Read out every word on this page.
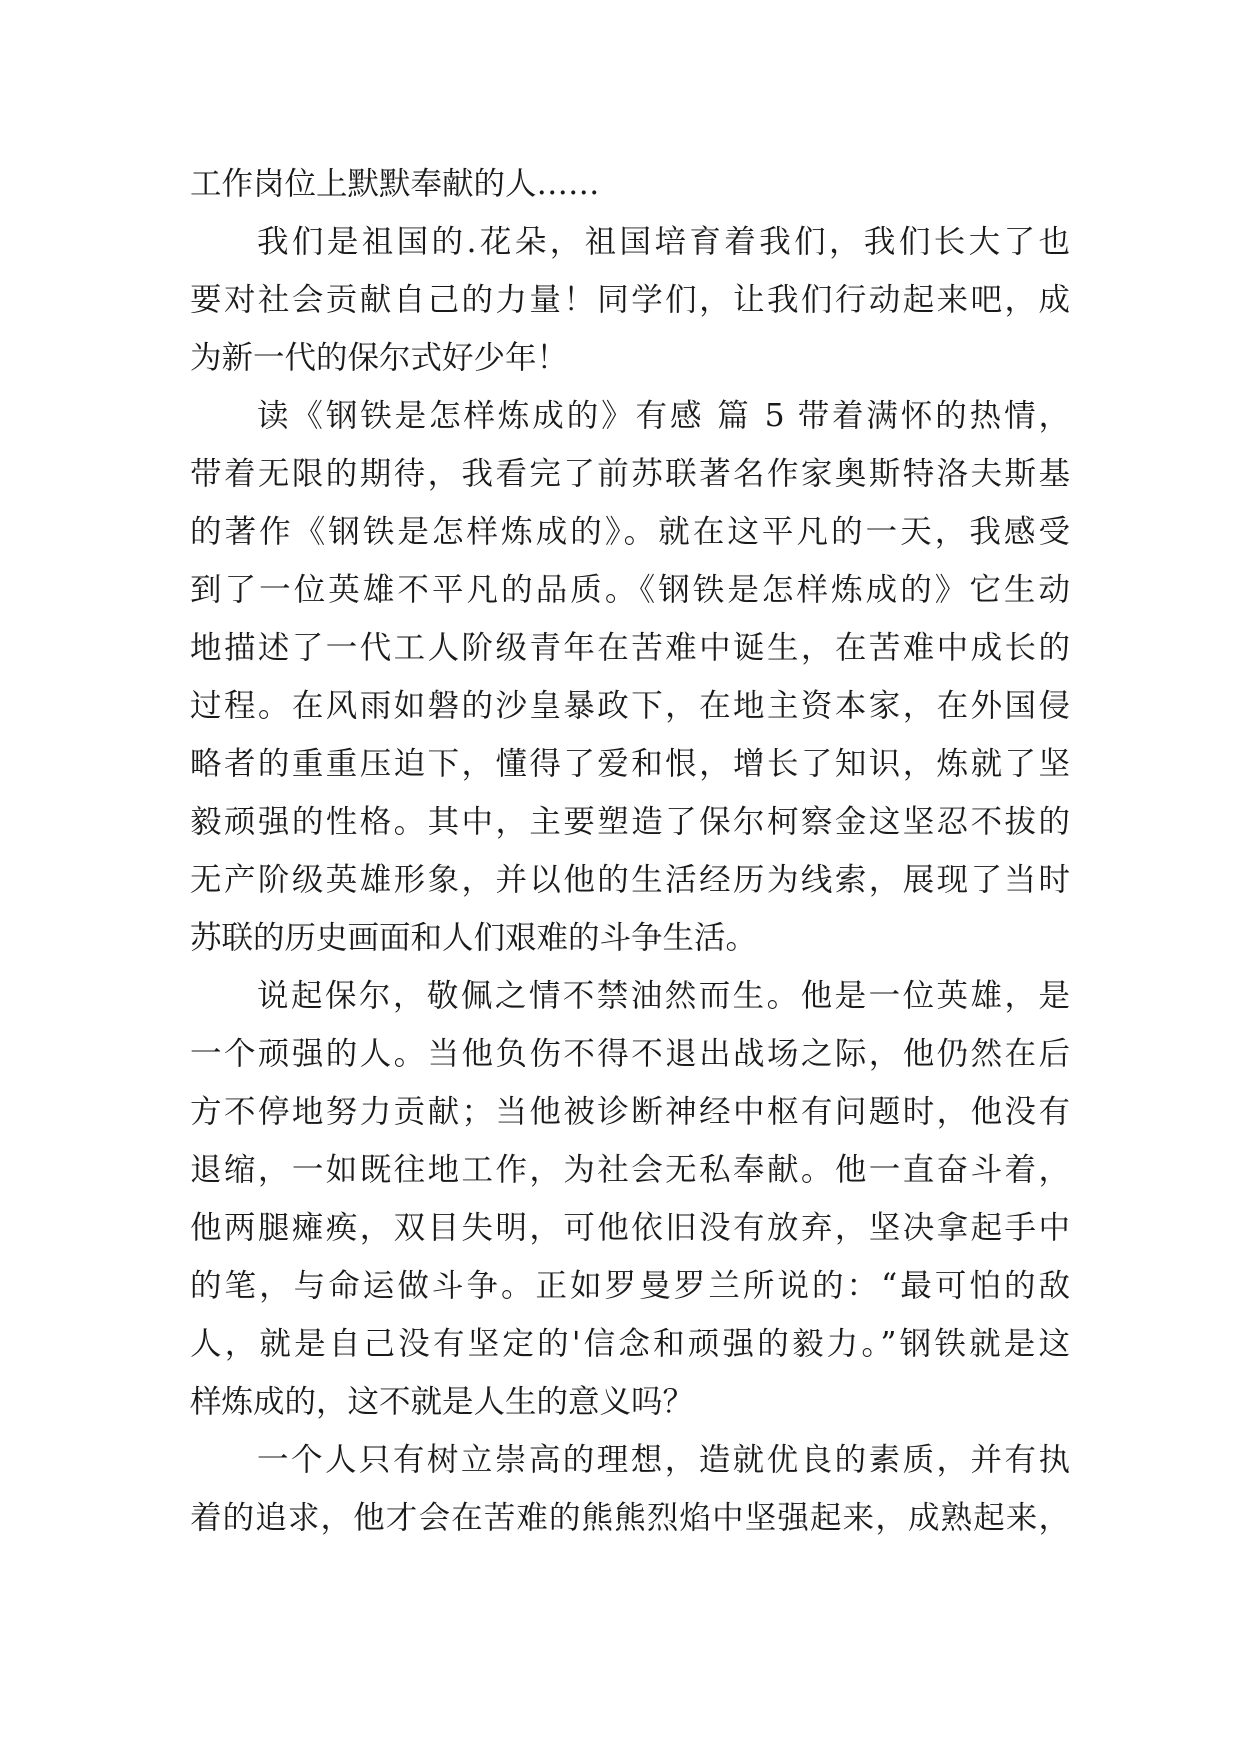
工作岗位上默默奉献的人……
我们是祖国的.花朵，祖国培育着我们，我们长大了也
要对社会贡献自己的力量！同学们，让我们行动起来吧，成
为新一代的保尔式好少年！
读《钢铁是怎样炼成的》有感 篇 5 带着满怀的热情，
带着无限的期待，我看完了前苏联著名作家奥斯特洛夫斯基
的著作《钢铁是怎样炼成的》。就在这平凡的一天，我感受
到了一位英雄不平凡的品质。《钢铁是怎样炼成的》它生动
地描述了一代工人阶级青年在苦难中诞生，在苦难中成长的
过程。在风雨如磐的沙皇暴政下，在地主资本家，在外国侵
略者的重重压迫下，懂得了爱和恨，增长了知识，炼就了坚
毅顽强的性格。其中，主要塑造了保尔柯察金这坚忍不拔的
无产阶级英雄形象，并以他的生活经历为线索，展现了当时
苏联的历史画面和人们艰难的斗争生活。
说起保尔，敬佩之情不禁油然而生。他是一位英雄，是
一个顽强的人。当他负伤不得不退出战场之际，他仍然在后
方不停地努力贡献；当他被诊断神经中枢有问题时，他没有
退缩，一如既往地工作，为社会无私奉献。他一直奋斗着，
他两腿瘫痪，双目失明，可他依旧没有放弃，坚决拿起手中
的笔，与命运做斗争。正如罗曼罗兰所说的：“最可怕的敌
人，就是自己没有坚定的'信念和顽强的毅力。”钢铁就是这
样炼成的，这不就是人生的意义吗？
一个人只有树立崇高的理想，造就优良的素质，并有执
着的追求，他才会在苦难的熊熊烈焰中坚强起来，成熟起来，
